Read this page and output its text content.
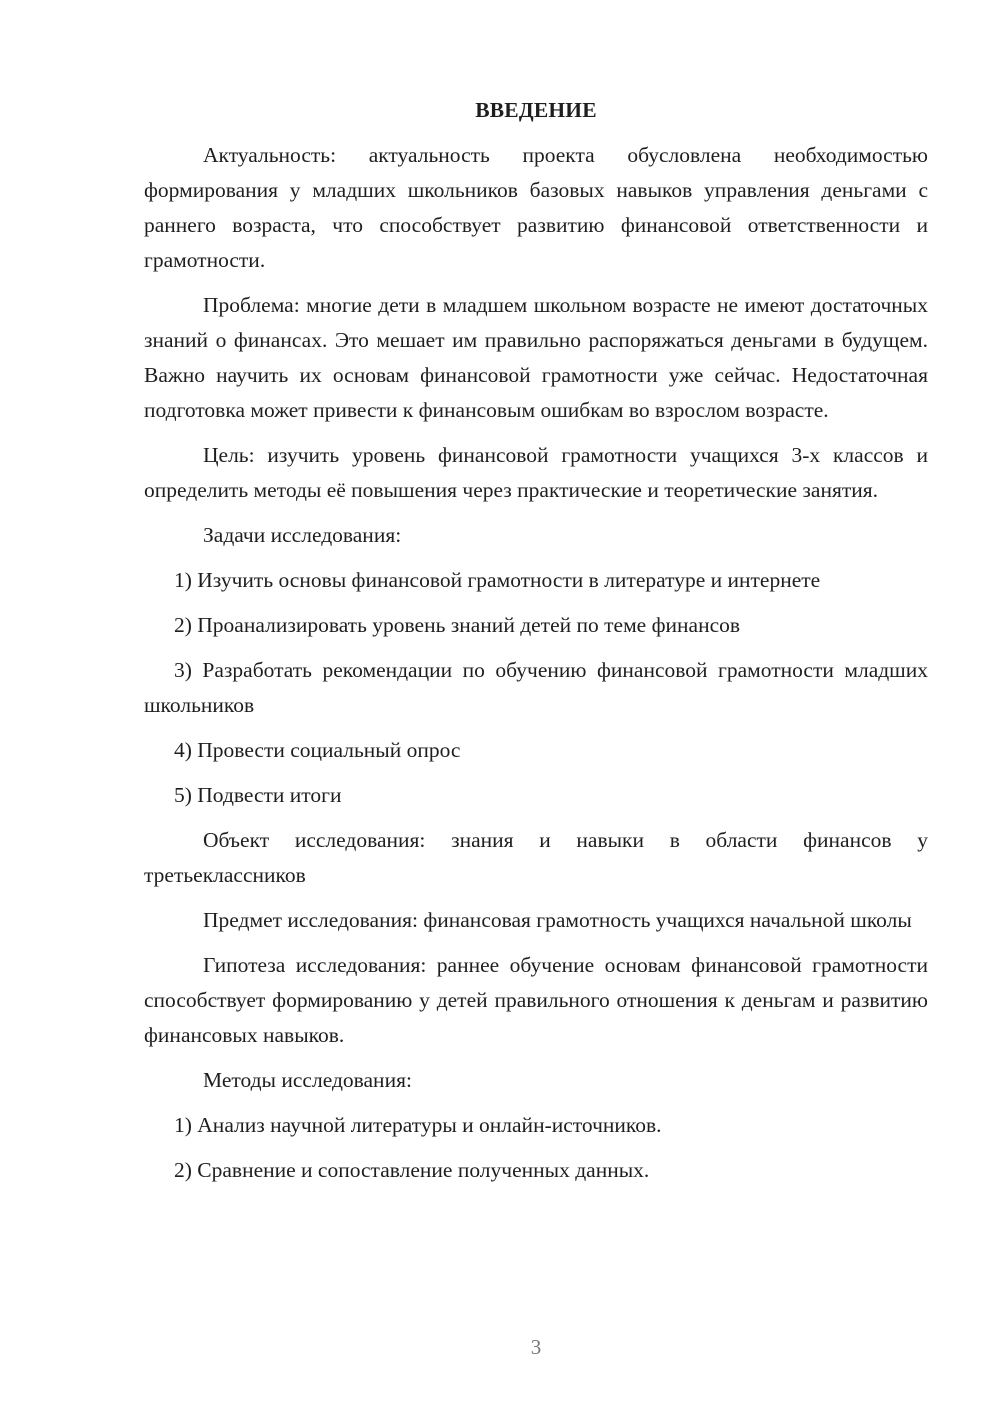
ВВЕДЕНИЕ

Актуальность: актуальность проекта обусловлена необходимостью формирования у младших школьников базовых навыков управления деньгами с раннего возраста, что способствует развитию финансовой ответственности и грамотности.

Проблема: многие дети в младшем школьном возрасте не имеют достаточных знаний о финансах. Это мешает им правильно распоряжаться деньгами в будущем. Важно научить их основам финансовой грамотности уже сейчас. Недостаточная подготовка может привести к финансовым ошибкам во взрослом возрасте.

Цель: изучить уровень финансовой грамотности учащихся 3-х классов и определить методы её повышения через практические и теоретические занятия.

Задачи исследования:

1) Изучить основы финансовой грамотности в литературе и интернете

2) Проанализировать уровень знаний детей по теме финансов

3) Разработать рекомендации по обучению финансовой грамотности младших школьников

4) Провести социальный опрос

5) Подвести итоги

Объект исследования: знания и навыки в области финансов у третьеклассников

Предмет исследования: финансовая грамотность учащихся начальной школы

Гипотеза исследования: раннее обучение основам финансовой грамотности способствует формированию у детей правильного отношения к деньгам и развитию финансовых навыков.

Методы исследования:

1) Анализ научной литературы и онлайн-источников.

2) Сравнение и сопоставление полученных данных.

3
